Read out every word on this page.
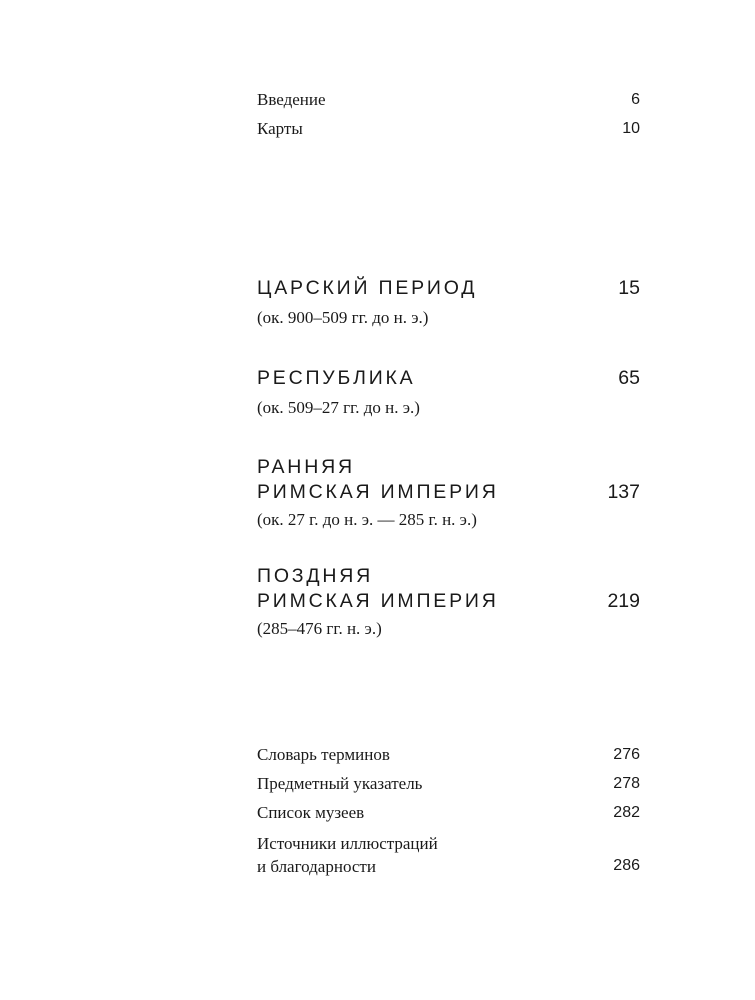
Введение	6
Карты	10
ЦАРСКИЙ ПЕРИОД	15
(ок. 900–509 гг. до н. э.)
РЕСПУБЛИКА	65
(ок. 509–27 гг. до н. э.)
РАННЯЯ
РИМСКАЯ ИМПЕРИЯ	137
(ок. 27 г. до н. э. — 285 г. н. э.)
ПОЗДНЯЯ
РИМСКАЯ ИМПЕРИЯ	219
(285–476 гг. н. э.)
Словарь терминов	276
Предметный указатель	278
Список музеев	282
Источники иллюстраций
и благодарности	286
